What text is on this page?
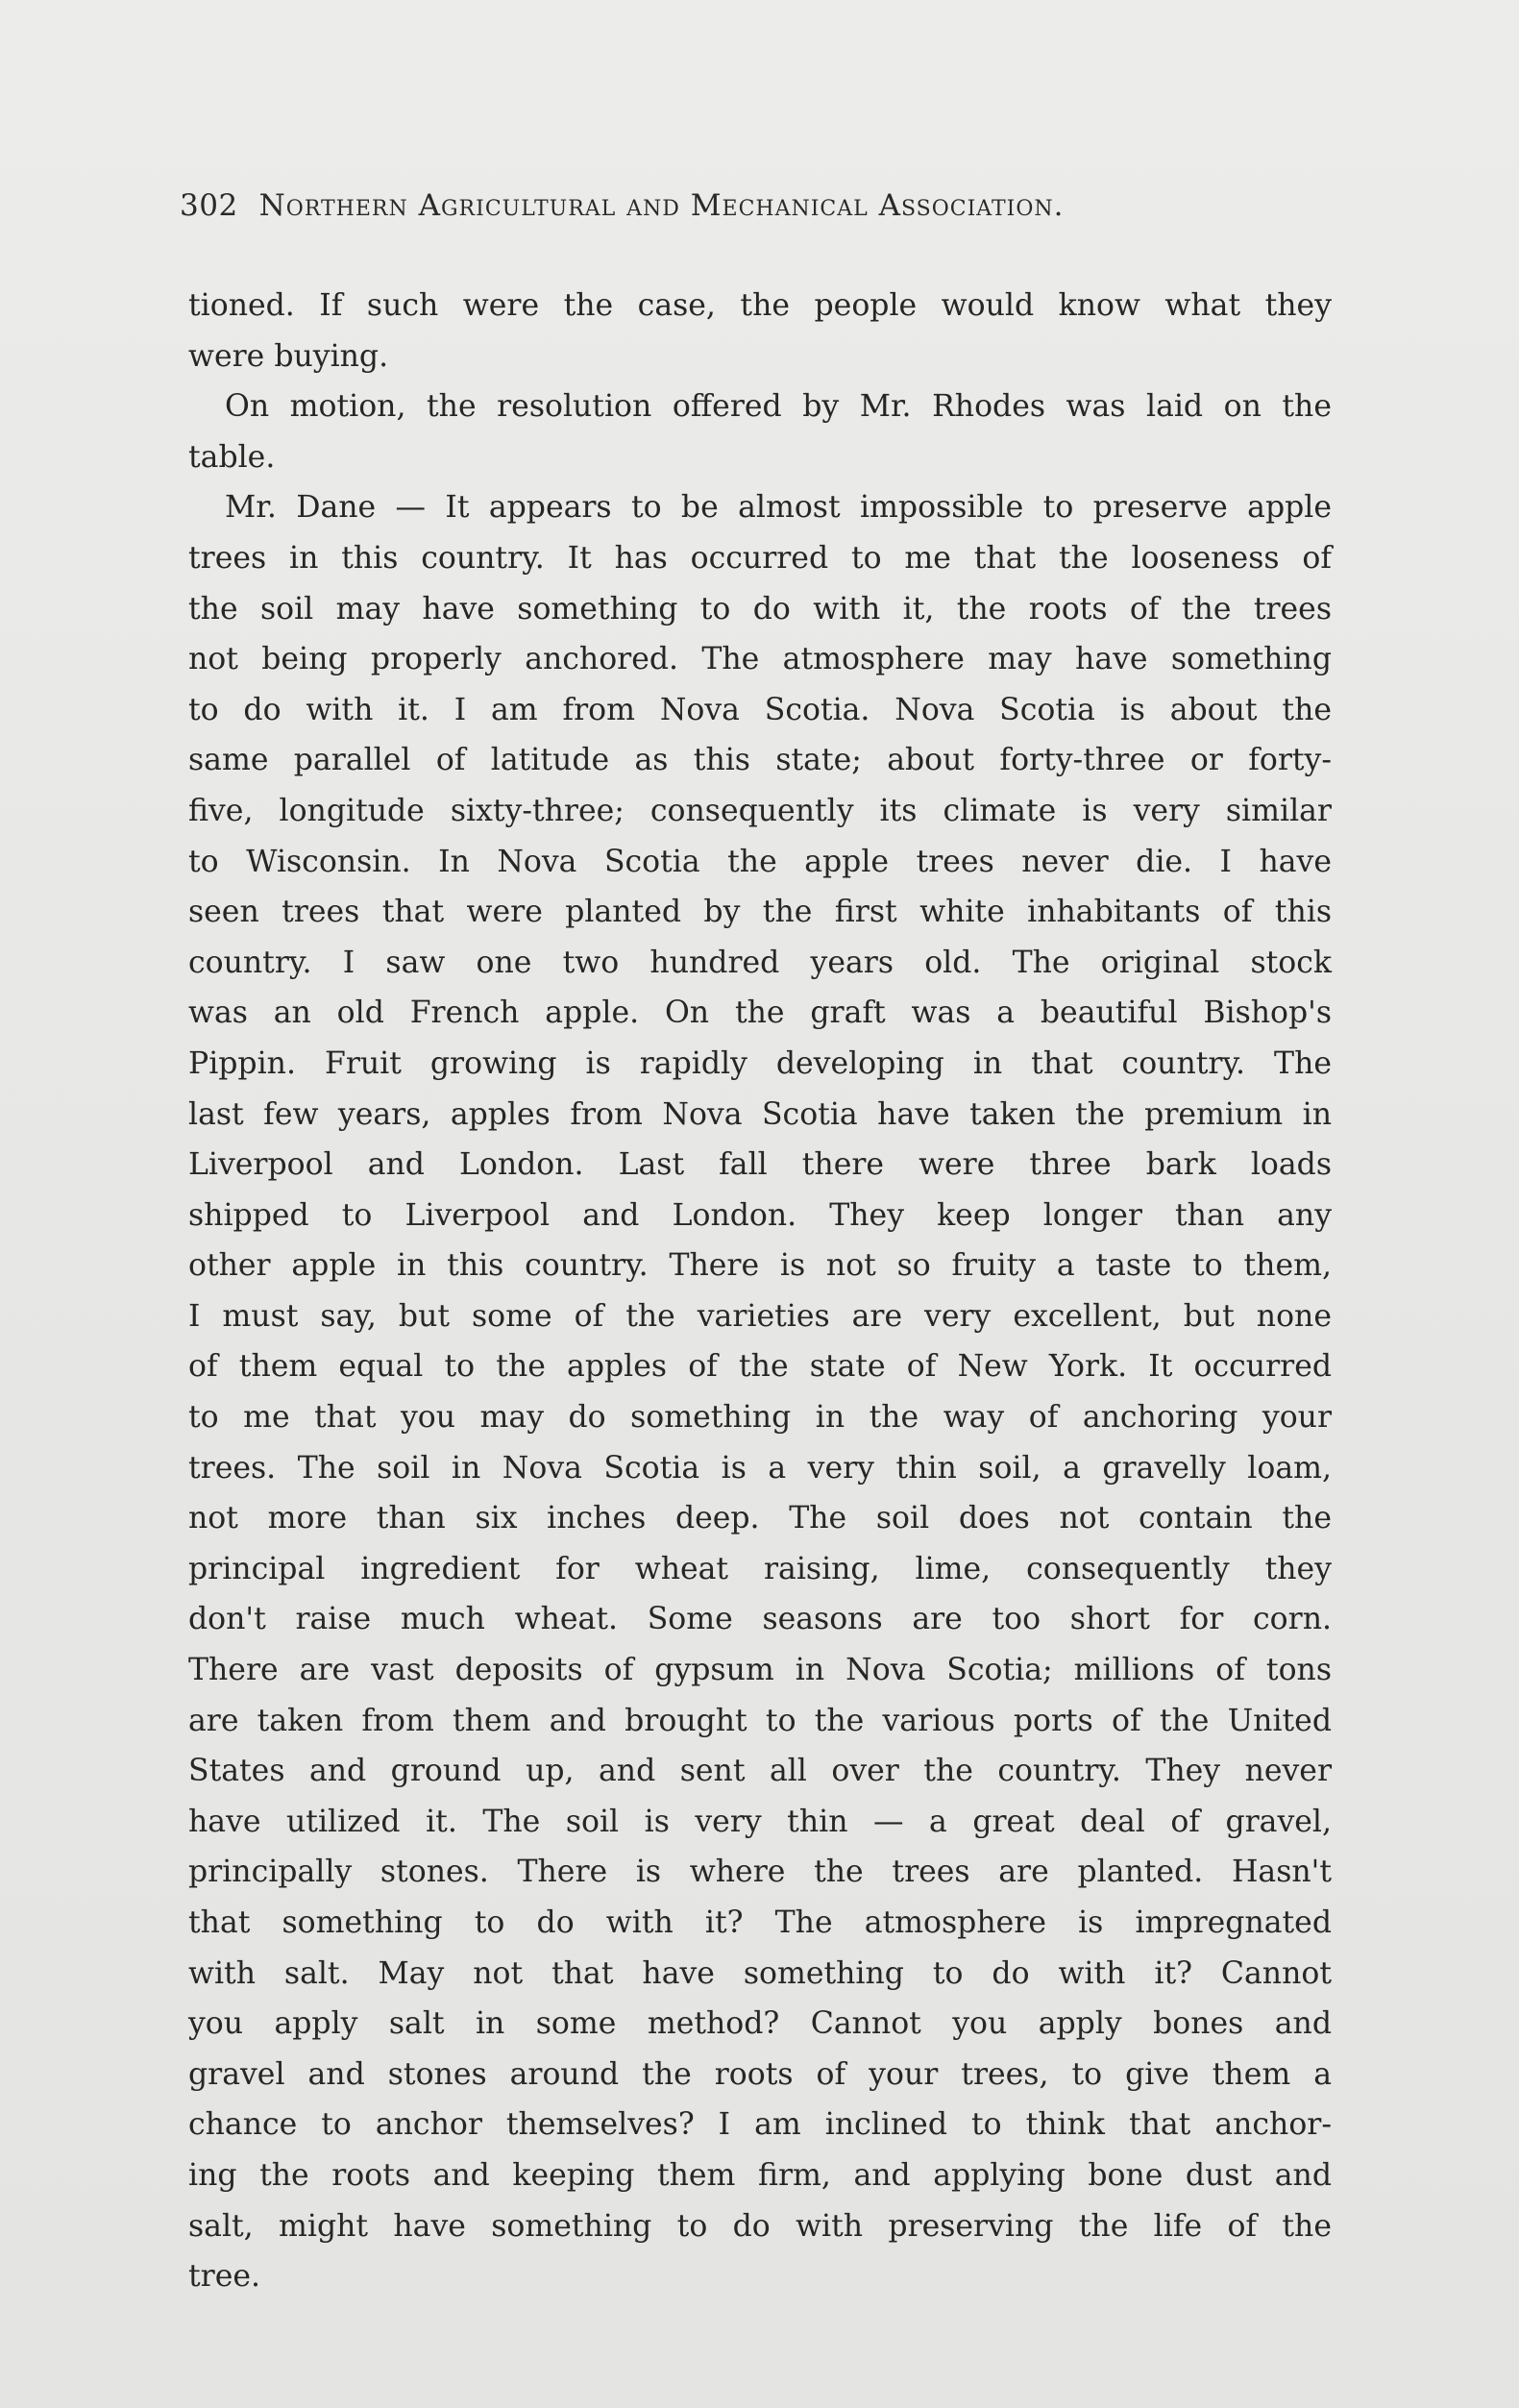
302 Northern Agricultural and Mechanical Association.

tioned. If such were the case, the people would know what they

were buying.

On motion, the resolution offered by Mr. Rhodes was laid on the

table.

Mr. Dane — It appears to be almost impossible to preserve apple

trees in this country. It has occurred to me that the looseness of

the soil may have something to do with it, the roots of the trees

not being properly anchored. The atmosphere may have something

to do with it. I am from Nova Scotia. Nova Scotia is about the

same parallel of latitude as this state; about forty-three or forty-

five, longitude sixty-three; consequently its climate is very similar

to Wisconsin. In Nova Scotia the apple trees never die. I have

seen trees that were planted by the first white inhabitants of this

country. I saw one two hundred years old. The original stock

was an old French apple. On the graft was a beautiful Bishop's

Pippin. Fruit growing is rapidly developing in that country. The

last few years, apples from Nova Scotia have taken the premium in

Liverpool and London. Last fall there were three bark loads

shipped to Liverpool and London. They keep longer than any

other apple in this country. There is not so fruity a taste to them,

I must say, but some of the varieties are very excellent, but none

of them equal to the apples of the state of New York. It occurred

to me that you may do something in the way of anchoring your

trees. The soil in Nova Scotia is a very thin soil, a gravelly loam,

not more than six inches deep. The soil does not contain the

principal ingredient for wheat raising, lime, consequently they

don't raise much wheat. Some seasons are too short for corn.

There are vast deposits of gypsum in Nova Scotia; millions of tons

are taken from them and brought to the various ports of the United

States and ground up, and sent all over the country. They never

have utilized it. The soil is very thin — a great deal of gravel,

principally stones. There is where the trees are planted. Hasn't

that something to do with it? The atmosphere is impregnated

with salt. May not that have something to do with it? Cannot

you apply salt in some method? Cannot you apply bones and

gravel and stones around the roots of your trees, to give them a

chance to anchor themselves? I am inclined to think that anchor-

ing the roots and keeping them firm, and applying bone dust and

salt, might have something to do with preserving the life of the

tree.
